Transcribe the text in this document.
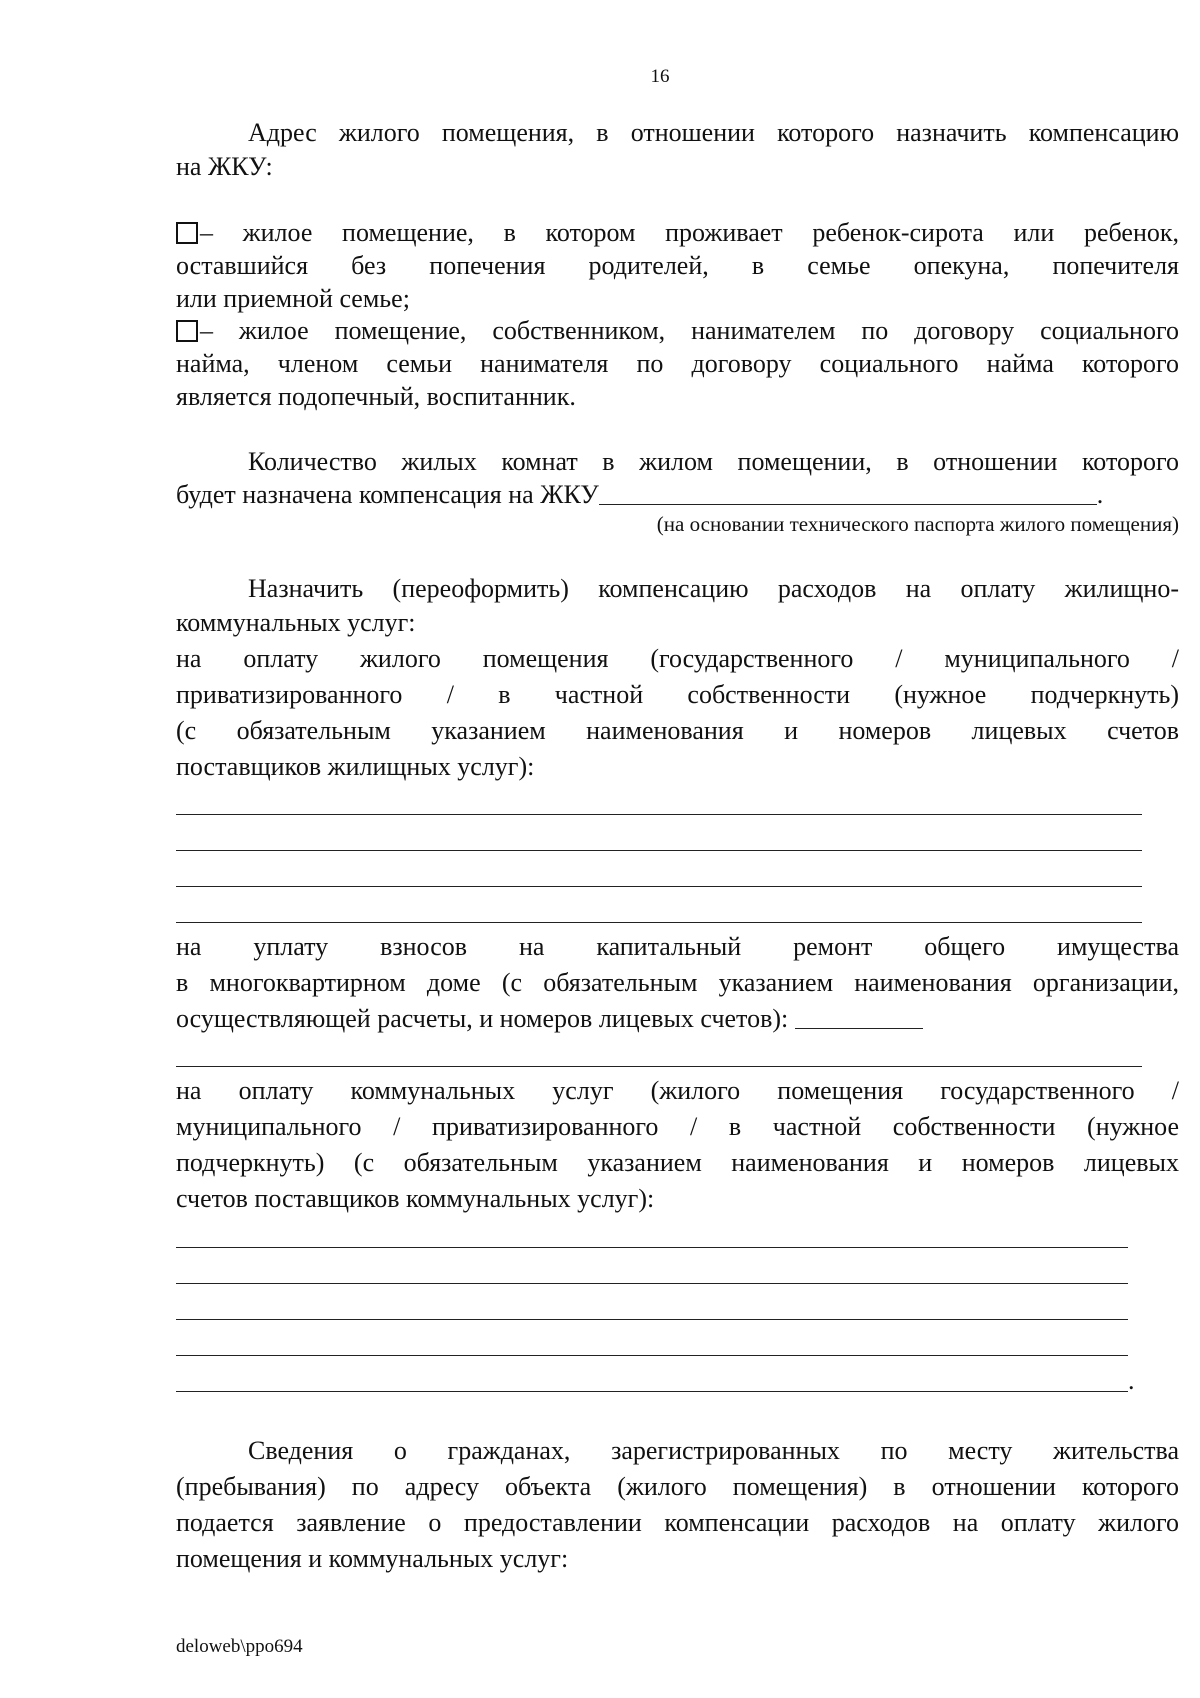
16
Адрес жилого помещения, в отношении которого назначить компенсацию
на ЖКУ:
– жилое помещение, в котором проживает ребенок-сирота или ребенок,
оставшийся без попечения родителей, в семье опекуна, попечителя
или приемной семье;
– жилое помещение, собственником, нанимателем по договору социального
найма, членом семьи нанимателя по договору социального найма которого
является подопечный, воспитанник.
Количество жилых комнат в жилом помещении, в отношении которого
будет назначена компенсация на ЖКУ	.
(на основании технического паспорта жилого помещения)
Назначить (переоформить) компенсацию расходов на оплату жилищно-
коммунальных услуг:
на оплату жилого помещения (государственного / муниципального /
приватизированного / в частной собственности (нужное подчеркнуть)
(с обязательным указанием наименования и номеров лицевых счетов
поставщиков жилищных услуг):
на уплату взносов на капитальный ремонт общего имущества
в многоквартирном доме (с обязательным указанием наименования организации,
осуществляющей расчеты, и номеров лицевых счетов):
на оплату коммунальных услуг (жилого помещения государственного /
муниципального / приватизированного / в частной собственности (нужное
подчеркнуть) (с обязательным указанием наименования и номеров лицевых
счетов поставщиков коммунальных услуг):
.
Сведения о гражданах, зарегистрированных по месту жительства
(пребывания) по адресу объекта (жилого помещения) в отношении которого
подается заявление о предоставлении компенсации расходов на оплату жилого
помещения и коммунальных услуг:
deloweb\ppo694
